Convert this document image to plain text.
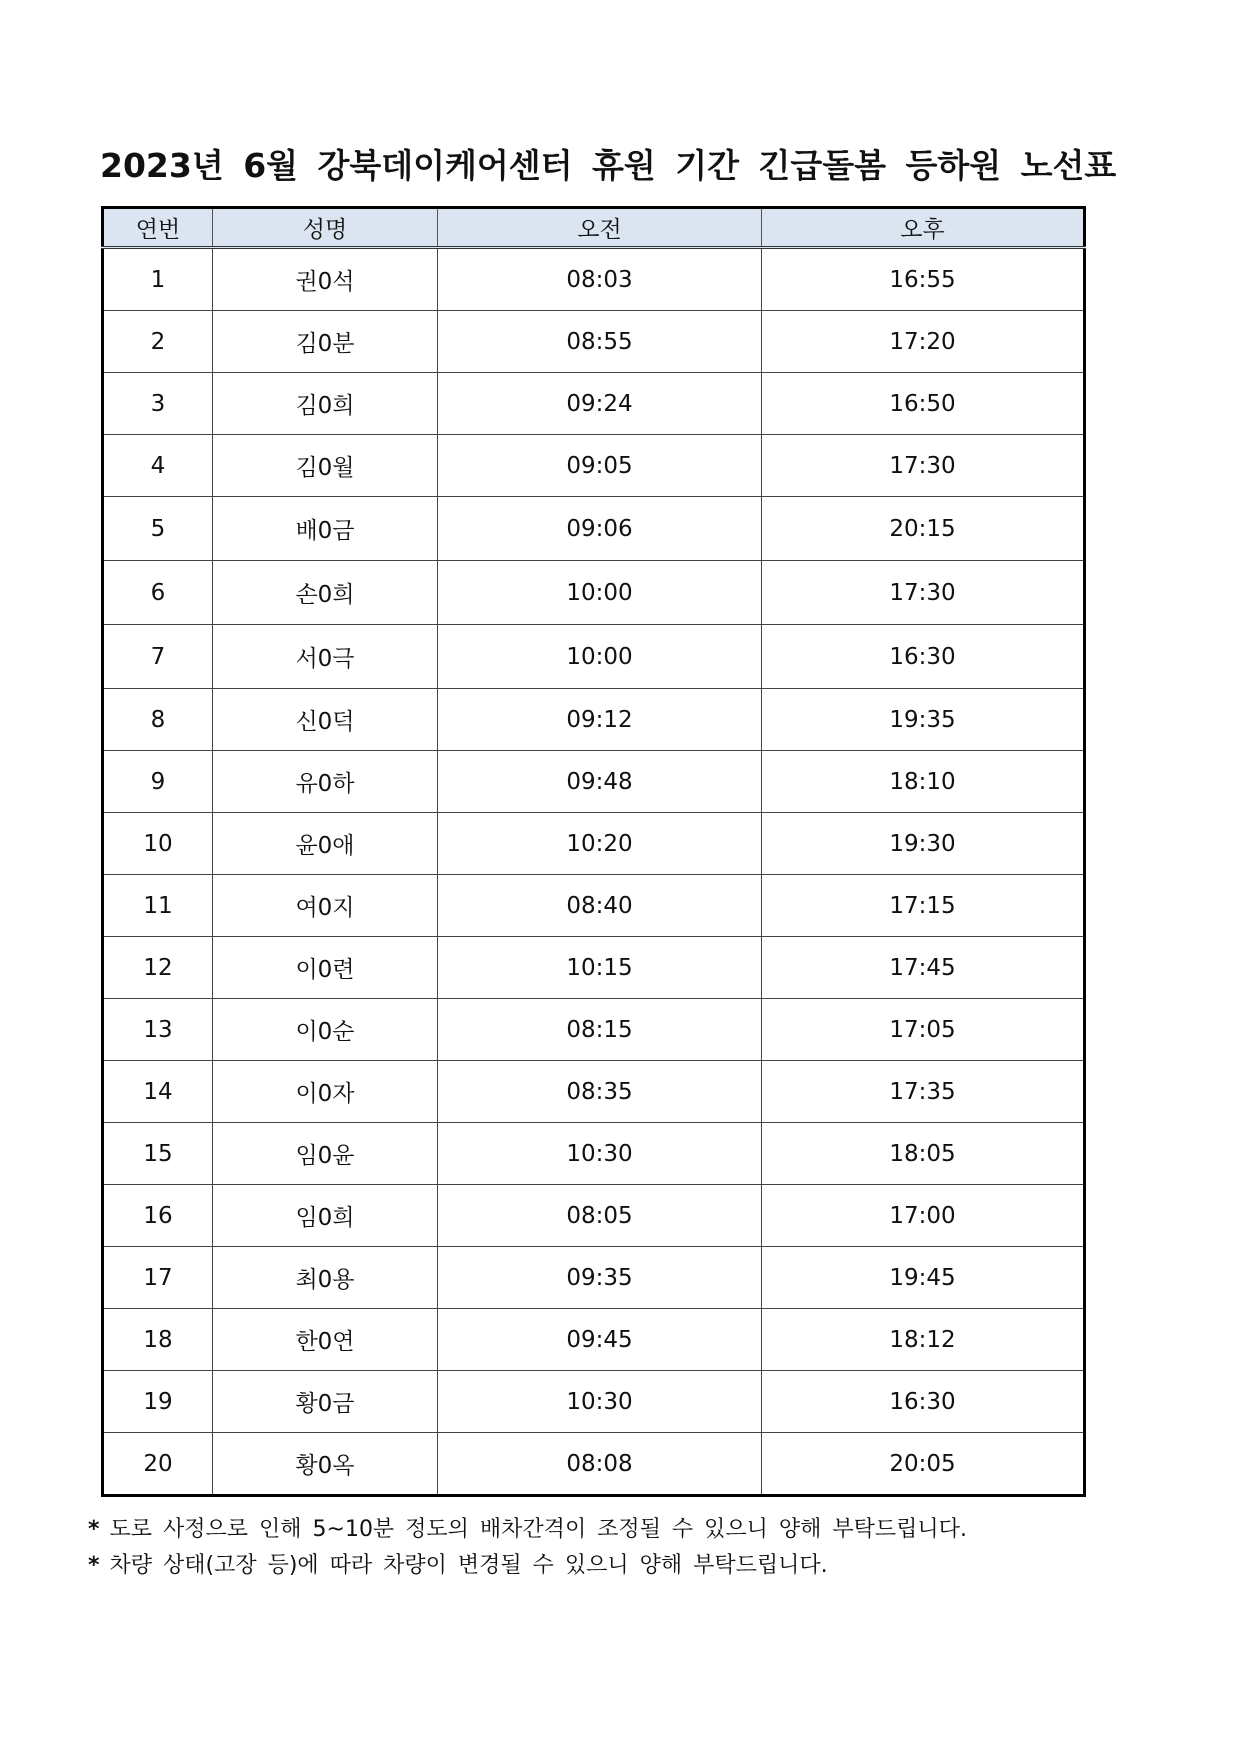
2023년 6월 강북데이케어센터 휴원 기간 긴급돌봄 등하원 노선표
연번	성명	오전	오후
1	권0석	08:03	16:55
2	김0분	08:55	17:20
3	김0희	09:24	16:50
4	김0월	09:05	17:30
5	배0금	09:06	20:15
6	손0희	10:00	17:30
7	서0극	10:00	16:30
8	신0덕	09:12	19:35
9	유0하	09:48	18:10
10	윤0애	10:20	19:30
11	여0지	08:40	17:15
12	이0련	10:15	17:45
13	이0순	08:15	17:05
14	이0자	08:35	17:35
15	임0윤	10:30	18:05
16	임0희	08:05	17:00
17	최0용	09:35	19:45
18	한0연	09:45	18:12
19	황0금	10:30	16:30
20	황0옥	08:08	20:05
* 도로 사정으로 인해 5~10분 정도의 배차간격이 조정될 수 있으니 양해 부탁드립니다.
* 차량 상태(고장 등)에 따라 차량이 변경될 수 있으니 양해 부탁드립니다.
